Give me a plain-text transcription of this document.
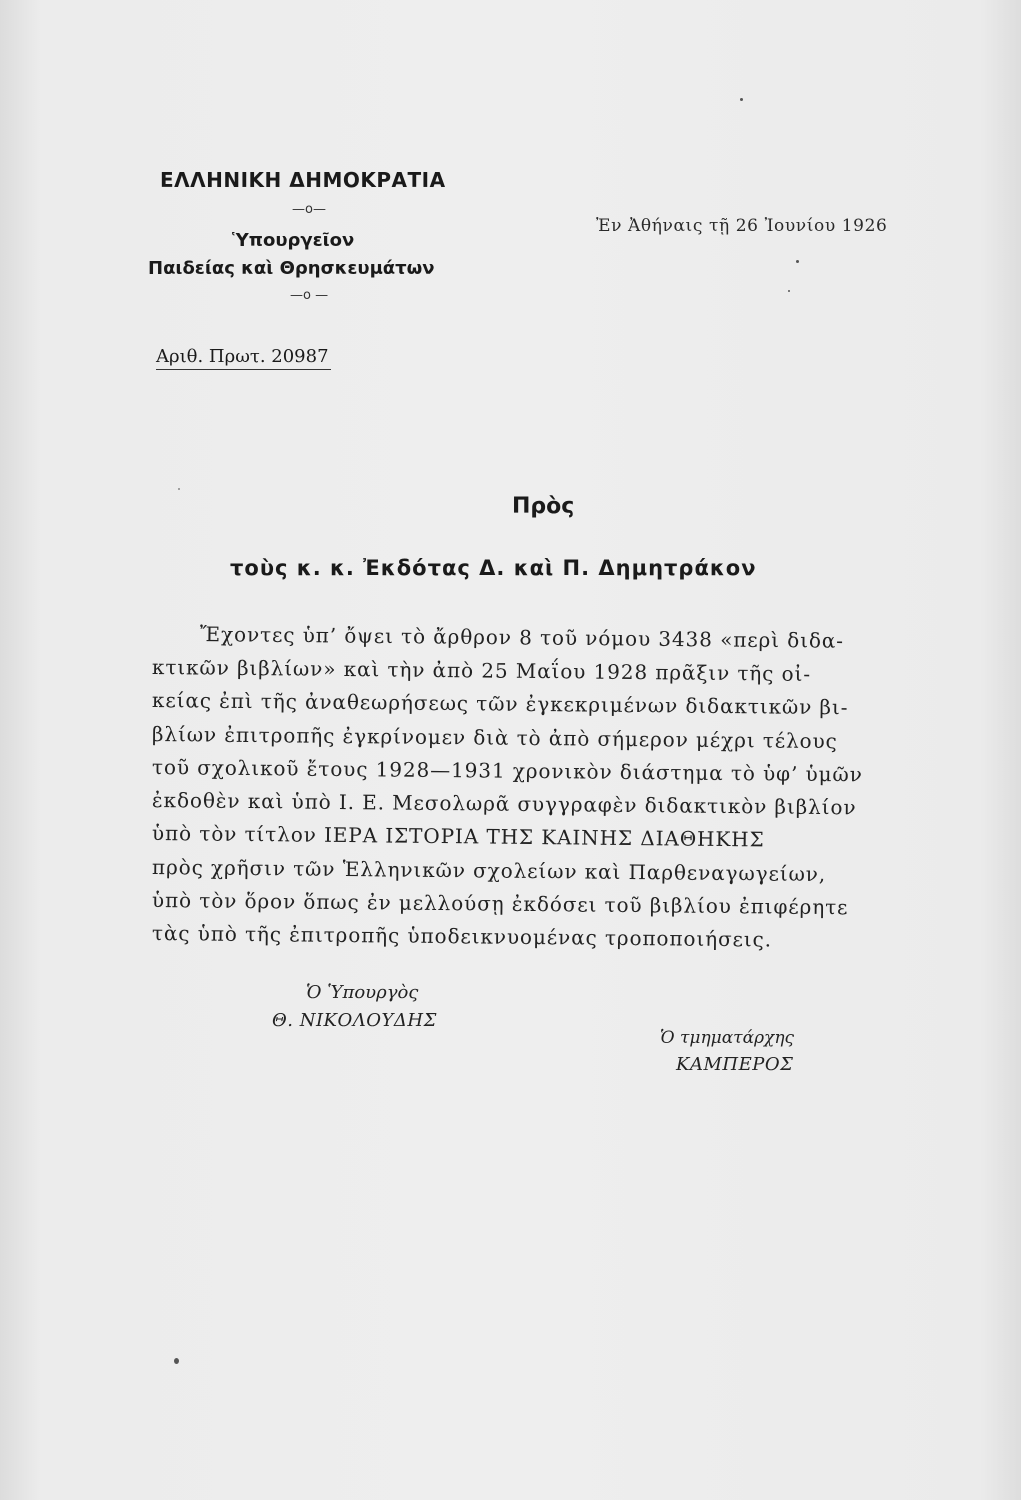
ΕΛΛΗΝΙΚΗ ΔΗΜΟΚΡΑΤΙΑ
—ο—
Ὑπουργεῖον
Παιδείας καὶ Θρησκευμάτων
—ο —
Ἐν Ἀθήναις τῇ 26 Ἰουνίου 1926
Αριθ. Πρωτ. 20987
Πρὸς
τοὺς κ. κ. Ἐκδότας Δ. καὶ Π. Δημητράκον
Ἔχοντες ὑπ’ ὄψει τὸ ἄρθρον 8 τοῦ νόμου 3438 «περὶ διδα-
κτικῶν βιβλίων» καὶ τὴν ἀπὸ 25 Μαΐου 1928 πρᾶξιν τῆς οἰ-
κείας ἐπὶ τῆς ἀναθεωρήσεως τῶν ἐγκεκριμένων διδακτικῶν βι-
βλίων ἐπιτροπῆς ἐγκρίνομεν διὰ τὸ ἀπὸ σήμερον μέχρι τέλους
τοῦ σχολικοῦ ἔτους 1928—1931 χρονικὸν διάστημα τὸ ὑφ’ ὑμῶν
ἐκδοθὲν καὶ ὑπὸ Ι. Ε. Μεσολωρᾶ συγγραφὲν διδακτικὸν βιβλίον
ὑπὸ τὸν τίτλον ΙΕΡΑ ΙΣΤΟΡΙΑ ΤΗΣ ΚΑΙΝΗΣ ΔΙΑΘΗΚΗΣ
πρὸς χρῆσιν τῶν Ἑλληνικῶν σχολείων καὶ Παρθεναγωγείων,
ὑπὸ τὸν ὅρον ὅπως ἐν μελλούσῃ ἐκδόσει τοῦ βιβλίου ἐπιφέρητε
τὰς ὑπὸ τῆς ἐπιτροπῆς ὑποδεικνυομένας τροποποιήσεις.
Ὁ Ὑπουργὸς
Θ. ΝΙΚΟΛΟΥΔΗΣ
Ὁ τμηματάρχης
ΚΑΜΠΕΡΟΣ
